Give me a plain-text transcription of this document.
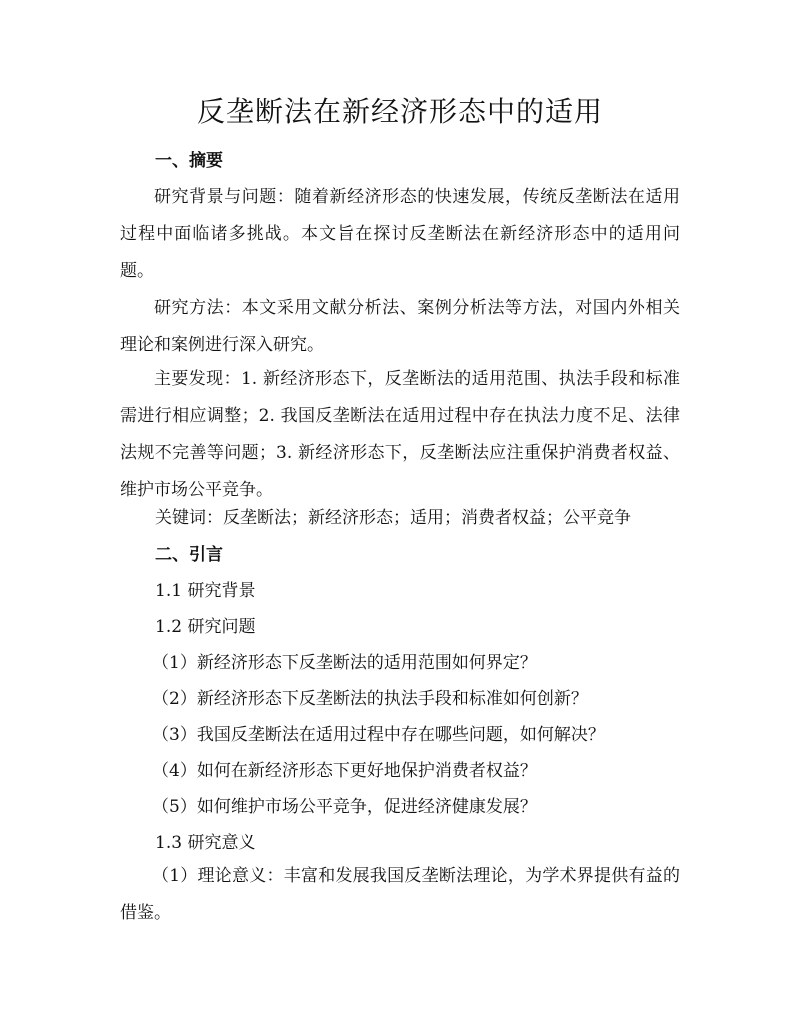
反垄断法在新经济形态中的适用
一、摘要
研究背景与问题：随着新经济形态的快速发展，传统反垄断法在适用过程中面临诸多挑战。本文旨在探讨反垄断法在新经济形态中的适用问题。
研究方法：本文采用文献分析法、案例分析法等方法，对国内外相关理论和案例进行深入研究。
主要发现：1. 新经济形态下，反垄断法的适用范围、执法手段和标准需进行相应调整；2. 我国反垄断法在适用过程中存在执法力度不足、法律法规不完善等问题；3. 新经济形态下，反垄断法应注重保护消费者权益、维护市场公平竞争。
关键词：反垄断法；新经济形态；适用；消费者权益；公平竞争
二、引言
1.1 研究背景
1.2 研究问题
（1）新经济形态下反垄断法的适用范围如何界定？
（2）新经济形态下反垄断法的执法手段和标准如何创新？
（3）我国反垄断法在适用过程中存在哪些问题，如何解决？
（4）如何在新经济形态下更好地保护消费者权益？
（5）如何维护市场公平竞争，促进经济健康发展？
1.3 研究意义
（1）理论意义：丰富和发展我国反垄断法理论，为学术界提供有益的借鉴。
